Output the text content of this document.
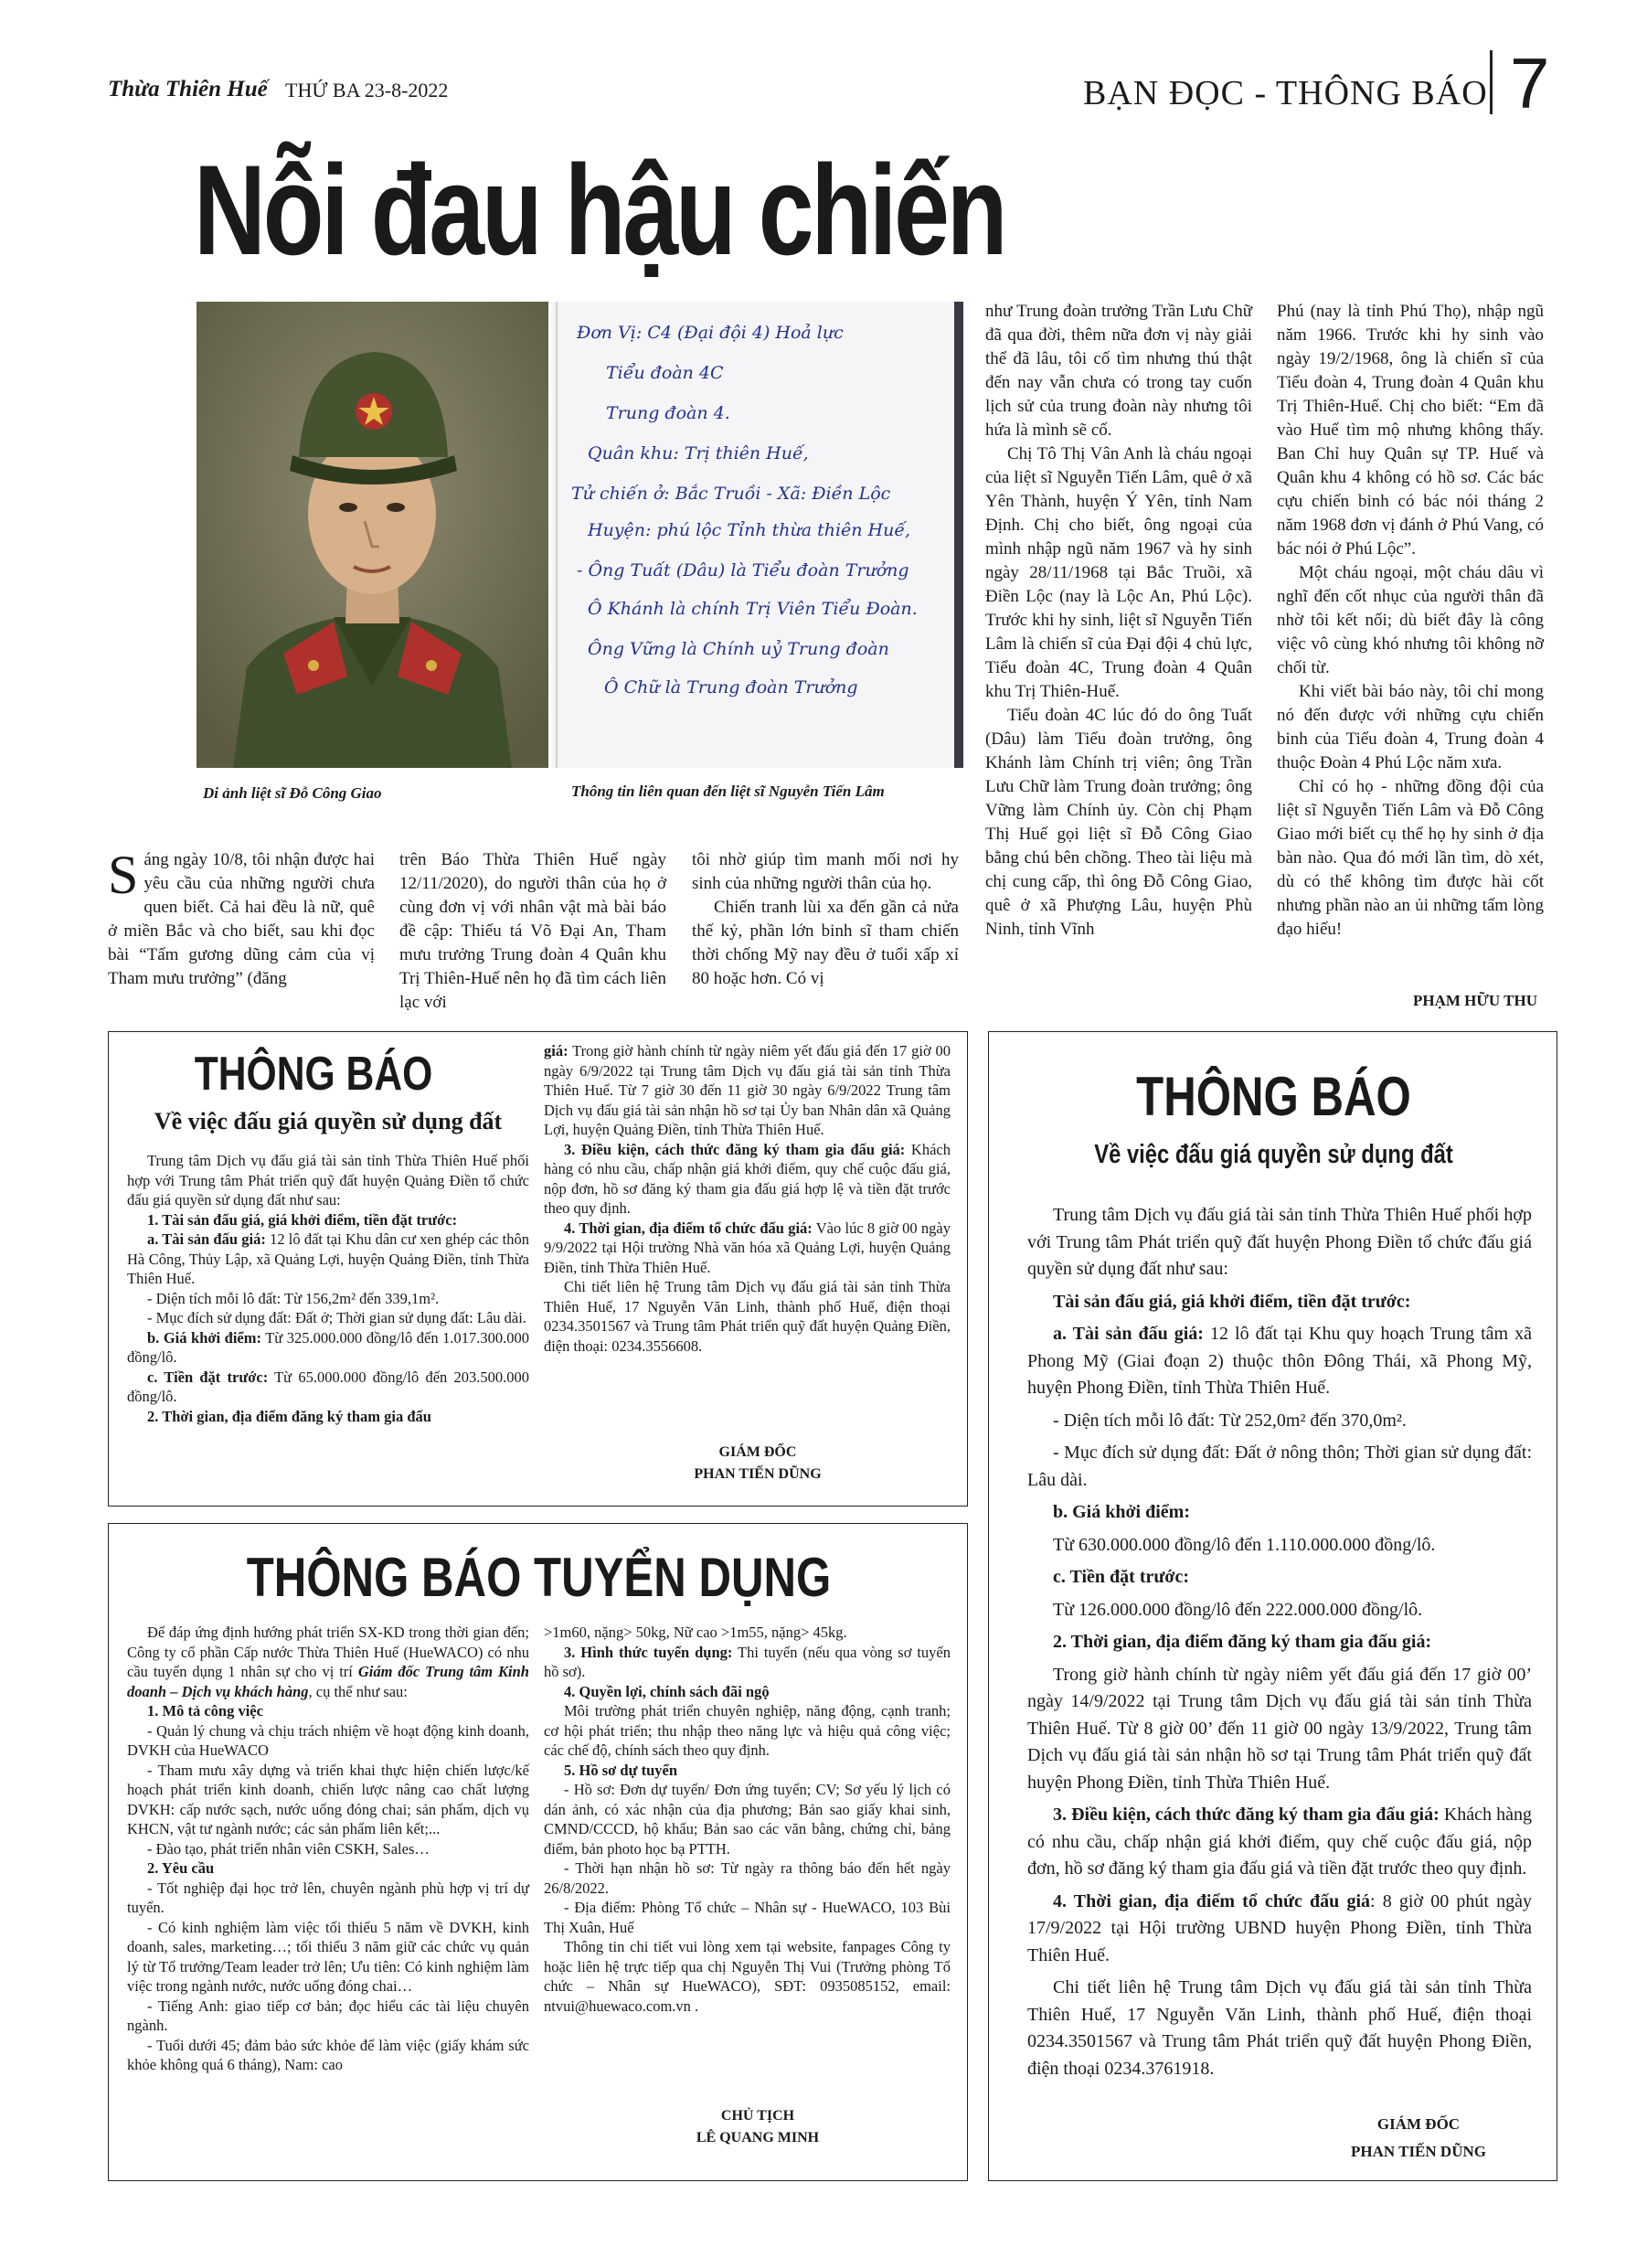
Thừa Thiên Huế THỨ BA 23-8-2022	BẠN ĐỌC - THÔNG BÁO 7
Nỗi đau hậu chiến
Đơn Vị: C4 (Đại đội 4) Hoả lực
Tiểu đoàn 4C
Trung đoàn 4.
Quân khu: Trị thiên Huế,
Tử chiến ở: Bắc Truồi - Xã: Điền Lộc
Huyện: phú lộc Tỉnh thừa thiên Huế,
- Ông Tuất (Dâu) là Tiểu đoàn Trưởng
Ô Khánh là chính Trị Viên Tiểu Đoàn.
Ông Vững là Chính uỷ Trung đoàn
Ô Chữ là Trung đoàn Trưởng
Di ảnh liệt sĩ Đỗ Công Giao	Thông tin liên quan đến liệt sĩ Nguyễn Tiến Lâm
Sáng ngày 10/8, tôi nhận được hai yêu cầu của những người chưa quen biết. Cả hai đều là nữ, quê ở miền Bắc và cho biết, sau khi đọc bài “Tấm gương dũng cảm của vị Tham mưu trưởng” (đăng
trên Báo Thừa Thiên Huế ngày 12/11/2020), do người thân của họ ở cùng đơn vị với nhân vật mà bài báo đề cập: Thiếu tá Võ Đại An, Tham mưu trưởng Trung đoàn 4 Quân khu Trị Thiên-Huế nên họ đã tìm cách liên lạc với
tôi nhờ giúp tìm manh mối nơi hy sinh của những người thân của họ.

Chiến tranh lùi xa đến gần cả nửa thế kỷ, phần lớn binh sĩ tham chiến thời chống Mỹ nay đều ở tuổi xấp xỉ 80 hoặc hơn. Có vị

như Trung đoàn trưởng Trần Lưu Chữ đã qua đời, thêm nữa đơn vị này giải thể đã lâu, tôi cố tìm nhưng thú thật đến nay vẫn chưa có trong tay cuốn lịch sử của trung đoàn này nhưng tôi hứa là mình sẽ cố.

Chị Tô Thị Vân Anh là cháu ngoại của liệt sĩ Nguyễn Tiến Lâm, quê ở xã Yên Thành, huyện Ý Yên, tỉnh Nam Định. Chị cho biết, ông ngoại của mình nhập ngũ năm 1967 và hy sinh ngày 28/11/1968 tại Bắc Truồi, xã Điền Lộc (nay là Lộc An, Phú Lộc). Trước khi hy sinh, liệt sĩ Nguyễn Tiến Lâm là chiến sĩ của Đại đội 4 chủ lực, Tiểu đoàn 4C, Trung đoàn 4 Quân khu Trị Thiên-Huế.

Tiểu đoàn 4C lúc đó do ông Tuất (Dâu) làm Tiểu đoàn trưởng, ông Khánh làm Chính trị viên; ông Trần Lưu Chữ làm Trung đoàn trưởng; ông Vững làm Chính ủy. Còn chị Phạm Thị Huế gọi liệt sĩ Đỗ Công Giao bằng chú bên chồng. Theo tài liệu mà chị cung cấp, thì ông Đỗ Công Giao, quê ở xã Phượng Lâu, huyện Phù Ninh, tỉnh Vĩnh

Phú (nay là tỉnh Phú Thọ), nhập ngũ năm 1966. Trước khi hy sinh vào ngày 19/2/1968, ông là chiến sĩ của Tiểu đoàn 4, Trung đoàn 4 Quân khu Trị Thiên-Huế. Chị cho biết: “Em đã vào Huế tìm mộ nhưng không thấy. Ban Chỉ huy Quân sự TP. Huế và Quân khu 4 không có hồ sơ. Các bác cựu chiến binh có bác nói tháng 2 năm 1968 đơn vị đánh ở Phú Vang, có bác nói ở Phú Lộc”.

Một cháu ngoại, một cháu dâu vì nghĩ đến cốt nhục của người thân đã nhờ tôi kết nối; dù biết đây là công việc vô cùng khó nhưng tôi không nỡ chối từ.

Khi viết bài báo này, tôi chỉ mong nó đến được với những cựu chiến binh của Tiểu đoàn 4, Trung đoàn 4 thuộc Đoàn 4 Phú Lộc năm xưa.

Chỉ có họ - những đồng đội của liệt sĩ Nguyễn Tiến Lâm và Đỗ Công Giao mới biết cụ thể họ hy sinh ở địa bàn nào. Qua đó mới lần tìm, dò xét, dù có thể không tìm được hài cốt nhưng phần nào an ủi những tấm lòng đạo hiếu!

PHẠM HỮU THU
THÔNG BÁO
Về việc đấu giá quyền sử dụng đất

Trung tâm Dịch vụ đấu giá tài sản tỉnh Thừa Thiên Huế phối hợp với Trung tâm Phát triển quỹ đất huyện Quảng Điền tổ chức đấu giá quyền sử dụng đất như sau:

1. Tài sản đấu giá, giá khởi điểm, tiền đặt trước:

a. Tài sản đấu giá: 12 lô đất tại Khu dân cư xen ghép các thôn Hà Công, Thủy Lập, xã Quảng Lợi, huyện Quảng Điền, tỉnh Thừa Thiên Huế.

- Diện tích mỗi lô đất: Từ 156,2m² đến 339,1m².

- Mục đích sử dụng đất: Đất ở; Thời gian sử dụng đất: Lâu dài.

b. Giá khởi điểm: Từ 325.000.000 đồng/lô đến 1.017.300.000 đồng/lô.

c. Tiền đặt trước: Từ 65.000.000 đồng/lô đến 203.500.000 đồng/lô.

2. Thời gian, địa điểm đăng ký tham gia đấu

giá: Trong giờ hành chính từ ngày niêm yết đấu giá đến 17 giờ 00 ngày 6/9/2022 tại Trung tâm Dịch vụ đấu giá tài sản tỉnh Thừa Thiên Huế. Từ 7 giờ 30 đến 11 giờ 30 ngày 6/9/2022 Trung tâm Dịch vụ đấu giá tài sản nhận hồ sơ tại Ủy ban Nhân dân xã Quảng Lợi, huyện Quảng Điền, tỉnh Thừa Thiên Huế.

3. Điều kiện, cách thức đăng ký tham gia đấu giá: Khách hàng có nhu cầu, chấp nhận giá khởi điểm, quy chế cuộc đấu giá, nộp đơn, hồ sơ đăng ký tham gia đấu giá hợp lệ và tiền đặt trước theo quy định.

4. Thời gian, địa điểm tổ chức đấu giá: Vào lúc 8 giờ 00 ngày 9/9/2022 tại Hội trường Nhà văn hóa xã Quảng Lợi, huyện Quảng Điền, tỉnh Thừa Thiên Huế.

Chi tiết liên hệ Trung tâm Dịch vụ đấu giá tài sản tỉnh Thừa Thiên Huế, 17 Nguyễn Văn Linh, thành phố Huế, điện thoại 0234.3501567 và Trung tâm Phát triển quỹ đất huyện Quảng Điền, điện thoại: 0234.3556608.

GIÁM ĐỐC
PHAN TIẾN DŨNG
THÔNG BÁO TUYỂN DỤNG

Để đáp ứng định hướng phát triển SX-KD trong thời gian đến; Công ty cổ phần Cấp nước Thừa Thiên Huế (HueWACO) có nhu cầu tuyển dụng 1 nhân sự cho vị trí Giám đốc Trung tâm Kinh doanh – Dịch vụ khách hàng, cụ thể như sau:

1. Mô tả công việc

- Quản lý chung và chịu trách nhiệm về hoạt động kinh doanh, DVKH của HueWACO

- Tham mưu xây dựng và triển khai thực hiện chiến lược/kế hoạch phát triển kinh doanh, chiến lược nâng cao chất lượng DVKH: cấp nước sạch, nước uống đóng chai; sản phẩm, dịch vụ KHCN, vật tư ngành nước; các sản phẩm liên kết;...

- Đào tạo, phát triển nhân viên CSKH, Sales…

2. Yêu cầu

- Tốt nghiệp đại học trở lên, chuyên ngành phù hợp vị trí dự tuyển.

- Có kinh nghiệm làm việc tối thiểu 5 năm về DVKH, kinh doanh, sales, marketing…; tối thiểu 3 năm giữ các chức vụ quản lý từ Tổ trưởng/Team leader trở lên; Ưu tiên: Có kinh nghiệm làm việc trong ngành nước, nước uống đóng chai…

- Tiếng Anh: giao tiếp cơ bản; đọc hiểu các tài liệu chuyên ngành.

- Tuổi dưới 45; đảm bảo sức khỏe để làm việc (giấy khám sức khỏe không quá 6 tháng), Nam: cao

>1m60, nặng> 50kg, Nữ cao >1m55, nặng> 45kg.

3. Hình thức tuyển dụng: Thi tuyển (nếu qua vòng sơ tuyển hồ sơ).

4. Quyền lợi, chính sách đãi ngộ

Môi trường phát triển chuyên nghiệp, năng động, cạnh tranh; cơ hội phát triển; thu nhập theo năng lực và hiệu quả công việc; các chế độ, chính sách theo quy định.

5. Hồ sơ dự tuyển

- Hồ sơ: Đơn dự tuyển/ Đơn ứng tuyển; CV; Sơ yếu lý lịch có dán ảnh, có xác nhận của địa phương; Bản sao giấy khai sinh, CMND/CCCD, hộ khẩu; Bản sao các văn bằng, chứng chỉ, bảng điểm, bản photo học bạ PTTH.

- Thời hạn nhận hồ sơ: Từ ngày ra thông báo đến hết ngày 26/8/2022.

- Địa điểm: Phòng Tổ chức – Nhân sự - HueWACO, 103 Bùi Thị Xuân, Huế

Thông tin chi tiết vui lòng xem tại website, fanpages Công ty hoặc liên hệ trực tiếp qua chị Nguyễn Thị Vui (Trưởng phòng Tổ chức – Nhân sự HueWACO), SĐT: 0935085152, email: ntvui@huewaco.com.vn .

CHỦ TỊCH
LÊ QUANG MINH
THÔNG BÁO
Về việc đấu giá quyền sử dụng đất

Trung tâm Dịch vụ đấu giá tài sản tỉnh Thừa Thiên Huế phối hợp với Trung tâm Phát triển quỹ đất huyện Phong Điền tổ chức đấu giá quyền sử dụng đất như sau:

Tài sản đấu giá, giá khởi điểm, tiền đặt trước:

a. Tài sản đấu giá: 12 lô đất tại Khu quy hoạch Trung tâm xã Phong Mỹ (Giai đoạn 2) thuộc thôn Đông Thái, xã Phong Mỹ, huyện Phong Điền, tỉnh Thừa Thiên Huế.

- Diện tích mỗi lô đất: Từ 252,0m² đến 370,0m².

- Mục đích sử dụng đất: Đất ở nông thôn; Thời gian sử dụng đất: Lâu dài.

b. Giá khởi điểm:

Từ 630.000.000 đồng/lô đến 1.110.000.000 đồng/lô.

c. Tiền đặt trước:

Từ 126.000.000 đồng/lô đến 222.000.000 đồng/lô.

2. Thời gian, địa điểm đăng ký tham gia đấu giá:

Trong giờ hành chính từ ngày niêm yết đấu giá đến 17 giờ 00’ ngày 14/9/2022 tại Trung tâm Dịch vụ đấu giá tài sản tỉnh Thừa Thiên Huế. Từ 8 giờ 00’ đến 11 giờ 00 ngày 13/9/2022, Trung tâm Dịch vụ đấu giá tài sản nhận hồ sơ tại Trung tâm Phát triển quỹ đất huyện Phong Điền, tỉnh Thừa Thiên Huế.

3. Điều kiện, cách thức đăng ký tham gia đấu giá: Khách hàng có nhu cầu, chấp nhận giá khởi điểm, quy chế cuộc đấu giá, nộp đơn, hồ sơ đăng ký tham gia đấu giá và tiền đặt trước theo quy định.

4. Thời gian, địa điểm tổ chức đấu giá: 8 giờ 00 phút ngày 17/9/2022 tại Hội trường UBND huyện Phong Điền, tỉnh Thừa Thiên Huế.

Chi tiết liên hệ Trung tâm Dịch vụ đấu giá tài sản tỉnh Thừa Thiên Huế, 17 Nguyễn Văn Linh, thành phố Huế, điện thoại 0234.3501567 và Trung tâm Phát triển quỹ đất huyện Phong Điền, điện thoại 0234.3761918.

GIÁM ĐỐC
PHAN TIẾN DŨNG
